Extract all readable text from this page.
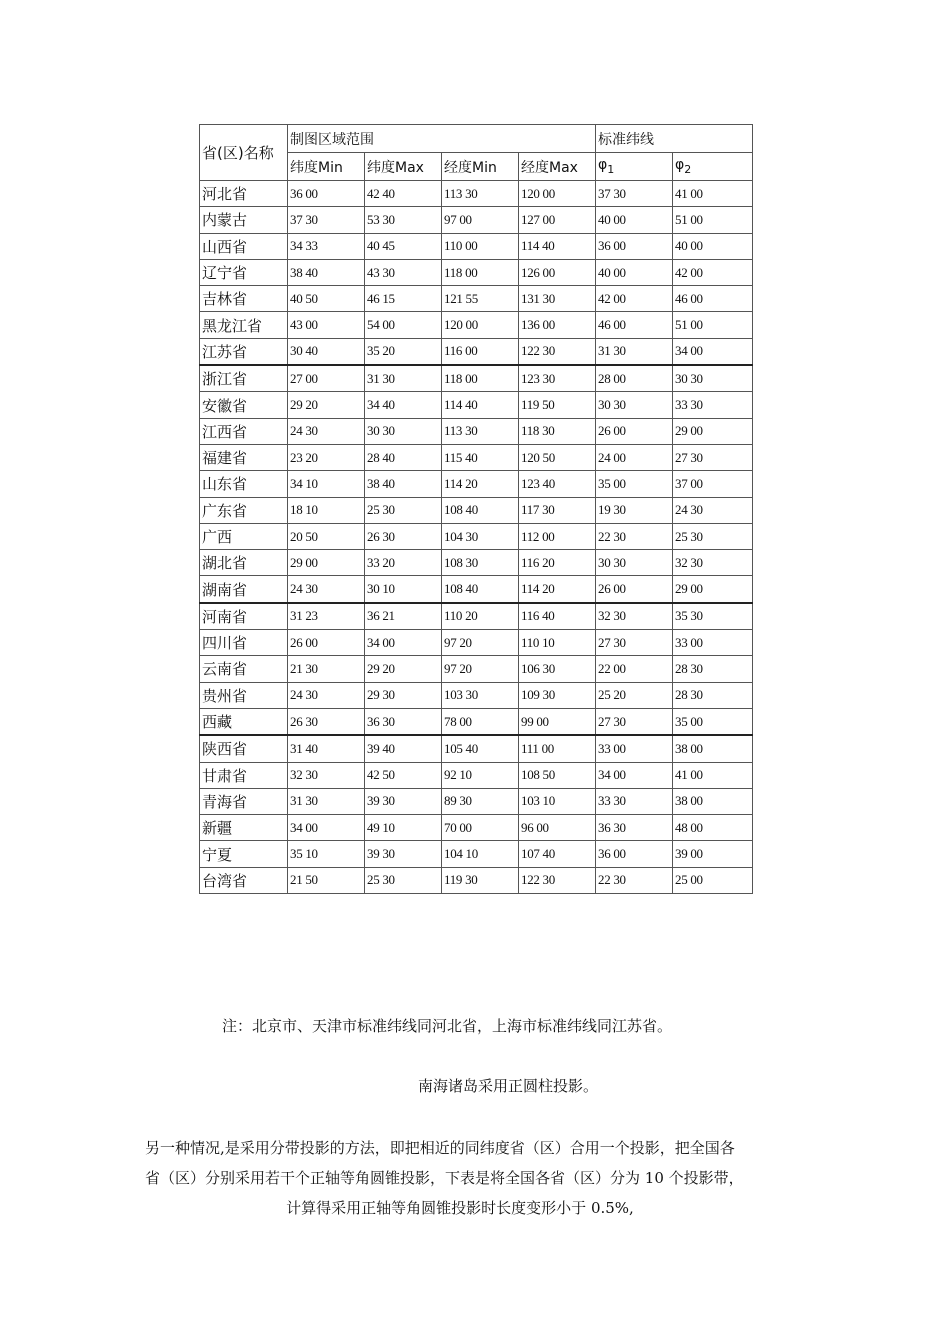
省(区)名称	制图区域范围				标准纬线	
	纬度Min	纬度Max	经度Min	经度Max	$\varphi_1$	$\varphi_2$
河北省	36 00	42 40	113 30	120 00	37 30	41 00
内蒙古	37 30	53 30	97 00	127 00	40 00	51 00
山西省	34 33	40 45	110 00	114 40	36 00	40 00
辽宁省	38 40	43 30	118 00	126 00	40 00	42 00
吉林省	40 50	46 15	121 55	131 30	42 00	46 00
黑龙江省	43 00	54 00	120 00	136 00	46 00	51 00
江苏省	30 40	35 20	116 00	122 30	31 30	34 00
浙江省	27 00	31 30	118 00	123 30	28 00	30 30
安徽省	29 20	34 40	114 40	119 50	30 30	33 30
江西省	24 30	30 30	113 30	118 30	26 00	29 00
福建省	23 20	28 40	115 40	120 50	24 00	27 30
山东省	34 10	38 40	114 20	123 40	35 00	37 00
广东省	18 10	25 30	108 40	117 30	19 30	24 30
广西	20 50	26 30	104 30	112 00	22 30	25 30
湖北省	29 00	33 20	108 30	116 20	30 30	32 30
湖南省	24 30	30 10	108 40	114 20	26 00	29 00
河南省	31 23	36 21	110 20	116 40	32 30	35 30
四川省	26 00	34 00	97 20	110 10	27 30	33 00
云南省	21 30	29 20	97 20	106 30	22 00	28 30
贵州省	24 30	29 30	103 30	109 30	25 20	28 30
西藏	26 30	36 30	78 00	99 00	27 30	35 00
陕西省	31 40	39 40	105 40	111 00	33 00	38 00
甘肃省	32 30	42 50	92 10	108 50	34 00	41 00
青海省	31 30	39 30	89 30	103 10	33 30	38 00
新疆	34 00	49 10	70 00	96 00	36 30	48 00
宁夏	35 10	39 30	104 10	107 40	36 00	39 00
台湾省	21 50	25 30	119 30	122 30	22 30	25 00
注：北京市、天津市标准纬线同河北省，上海市标准纬线同江苏省。
南海诸岛采用正圆柱投影。

另一种情况,是采用分带投影的方法，即把相近的同纬度省（区）合用一个投影，把全国各

省（区）分别采用若干个正轴等角圆锥投影，下表是将全国各省（区）分为 10 个投影带，

计算得采用正轴等角圆锥投影时长度变形小于 0.5%,
